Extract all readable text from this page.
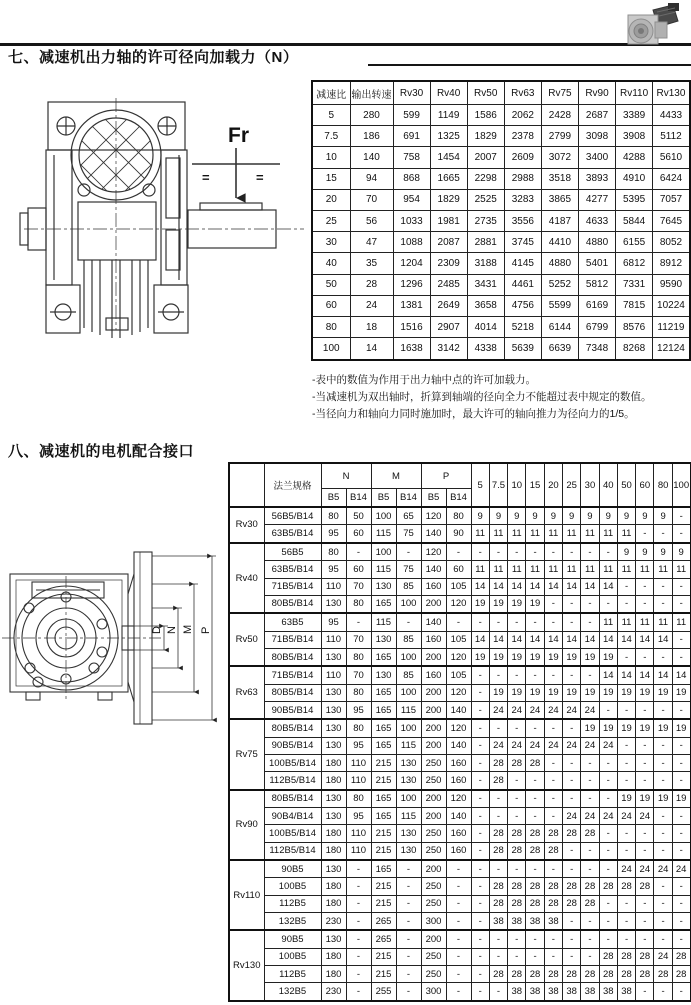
七、减速机出力轴的许可径向加载力（N）
Fr
=	=
减速比	输出转速	Rv30	Rv40	Rv50	Rv63	Rv75	Rv90	Rv110	Rv130
5	280	599	1149	1586	2062	2428	2687	3389	4433
7.5	186	691	1325	1829	2378	2799	3098	3908	5112
10	140	758	1454	2007	2609	3072	3400	4288	5610
15	94	868	1665	2298	2988	3518	3893	4910	6424
20	70	954	1829	2525	3283	3865	4277	5395	7057
25	56	1033	1981	2735	3556	4187	4633	5844	7645
30	47	1088	2087	2881	3745	4410	4880	6155	8052
40	35	1204	2309	3188	4145	4880	5401	6812	8912
50	28	1296	2485	3431	4461	5252	5812	7331	9590
60	24	1381	2649	3658	4756	5599	6169	7815	10224
80	18	1516	2907	4014	5218	6144	6799	8576	11219
100	14	1638	3142	4338	5639	6639	7348	8268	12124
-表中的数值为作用于出力轴中点的许可加载力。
-当减速机为双出轴时，折算到轴端的径向全力不能超过表中规定的数值。
-当径向力和轴向力同时施加时，最大许可的轴向推力为径向力的1/5。
八、减速机的电机配合接口
D N M P
	法兰规格	N		M		P		5	7.5	10	15	20	25	30	40	50	60	80	100
		B5	B14	B5	B14	B5	B14												
Rv30	56B5/B14	80	50	100	65	120	80	9	9	9	9	9	9	9	9	9	9	9	-
	63B5/B14	95	60	115	75	140	90	11	11	11	11	11	11	11	11	11	-	-	-
Rv40	56B5	80	-	100	-	120	-	-	-	-	-	-	-	-	-	9	9	9	9
	63B5/B14	95	60	115	75	140	60	11	11	11	11	11	11	11	11	11	11	11	11
	71B5/B14	110	70	130	85	160	105	14	14	14	14	14	14	14	14	-	-	-	-
	80B5/B14	130	80	165	100	200	120	19	19	19	19	-	-	-	-	-	-	-	-
Rv50	63B5	95	-	115	-	140	-	-	-	-	-	-	-	-	11	11	11	11	11
	71B5/B14	110	70	130	85	160	105	14	14	14	14	14	14	14	14	14	14	14	-
	80B5/B14	130	80	165	100	200	120	19	19	19	19	19	19	19	19	-	-	-	-
Rv63	71B5/B14	110	70	130	85	160	105	-	-	-	-	-	-	-	14	14	14	14	14
	80B5/B14	130	80	165	100	200	120	-	19	19	19	19	19	19	19	19	19	19	19
	90B5/B14	130	95	165	115	200	140	-	24	24	24	24	24	24	-	-	-	-	-
Rv75	80B5/B14	130	80	165	100	200	120	-	-	-	-	-	-	19	19	19	19	19	19
	90B5/B14	130	95	165	115	200	140	-	24	24	24	24	24	24	24	-	-	-	-
	100B5/B14	180	110	215	130	250	160	-	28	28	28	-	-	-	-	-	-	-	-
	112B5/B14	180	110	215	130	250	160	-	28	-	-	-	-	-	-	-	-	-	-
Rv90	80B5/B14	130	80	165	100	200	120	-	-	-	-	-	-	-	-	19	19	19	19
	90B4/B14	130	95	165	115	200	140	-	-	-	-	-	24	24	24	24	24	-	-
	100B5/B14	180	110	215	130	250	160	-	28	28	28	28	28	28	-	-	-	-	-
	112B5/B14	180	110	215	130	250	160	-	28	28	28	28	-	-	-	-	-	-	-
Rv110	90B5	130	-	165	-	200	-	-	-	-	-	-	-	-	-	24	24	24	24
	100B5	180	-	215	-	250	-	-	28	28	28	28	28	28	28	28	28	-	-
	112B5	180	-	215	-	250	-	-	28	28	28	28	28	28	-	-	-	-	-
	132B5	230	-	265	-	300	-	-	38	38	38	38	-	-	-	-	-	-	-
Rv130	90B5	130	-	265	-	200	-	-	-	-	-	-	-	-	-	-	-	-	-
	100B5	180	-	215	-	250	-	-	-	-	-	-	-	-	28	28	28	24	28
	112B5	180	-	215	-	250	-	-	28	28	28	28	28	28	28	28	28	28	28
	132B5	230	-	255	-	300	-	-	-	38	38	38	38	38	38	38	-	-	-
